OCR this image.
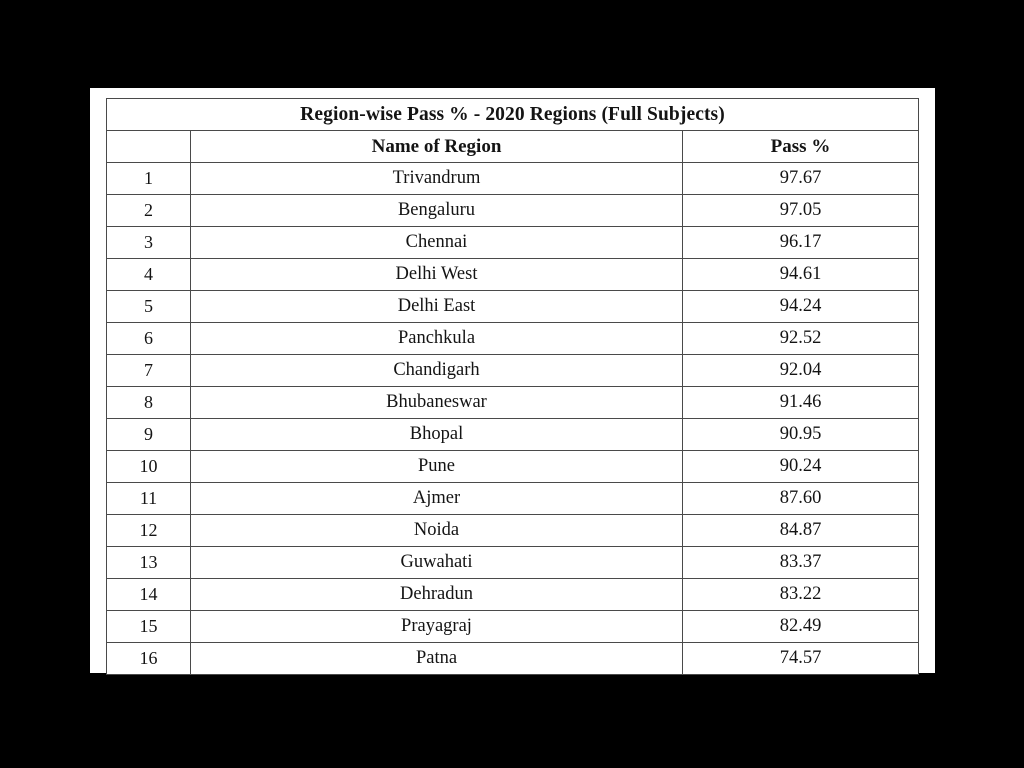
Region-wise Pass % - 2020 Regions (Full Subjects)		
	Name of Region	Pass %
1	Trivandrum	97.67
2	Bengaluru	97.05
3	Chennai	96.17
4	Delhi West	94.61
5	Delhi East	94.24
6	Panchkula	92.52
7	Chandigarh	92.04
8	Bhubaneswar	91.46
9	Bhopal	90.95
10	Pune	90.24
11	Ajmer	87.60
12	Noida	84.87
13	Guwahati	83.37
14	Dehradun	83.22
15	Prayagraj	82.49
16	Patna	74.57
